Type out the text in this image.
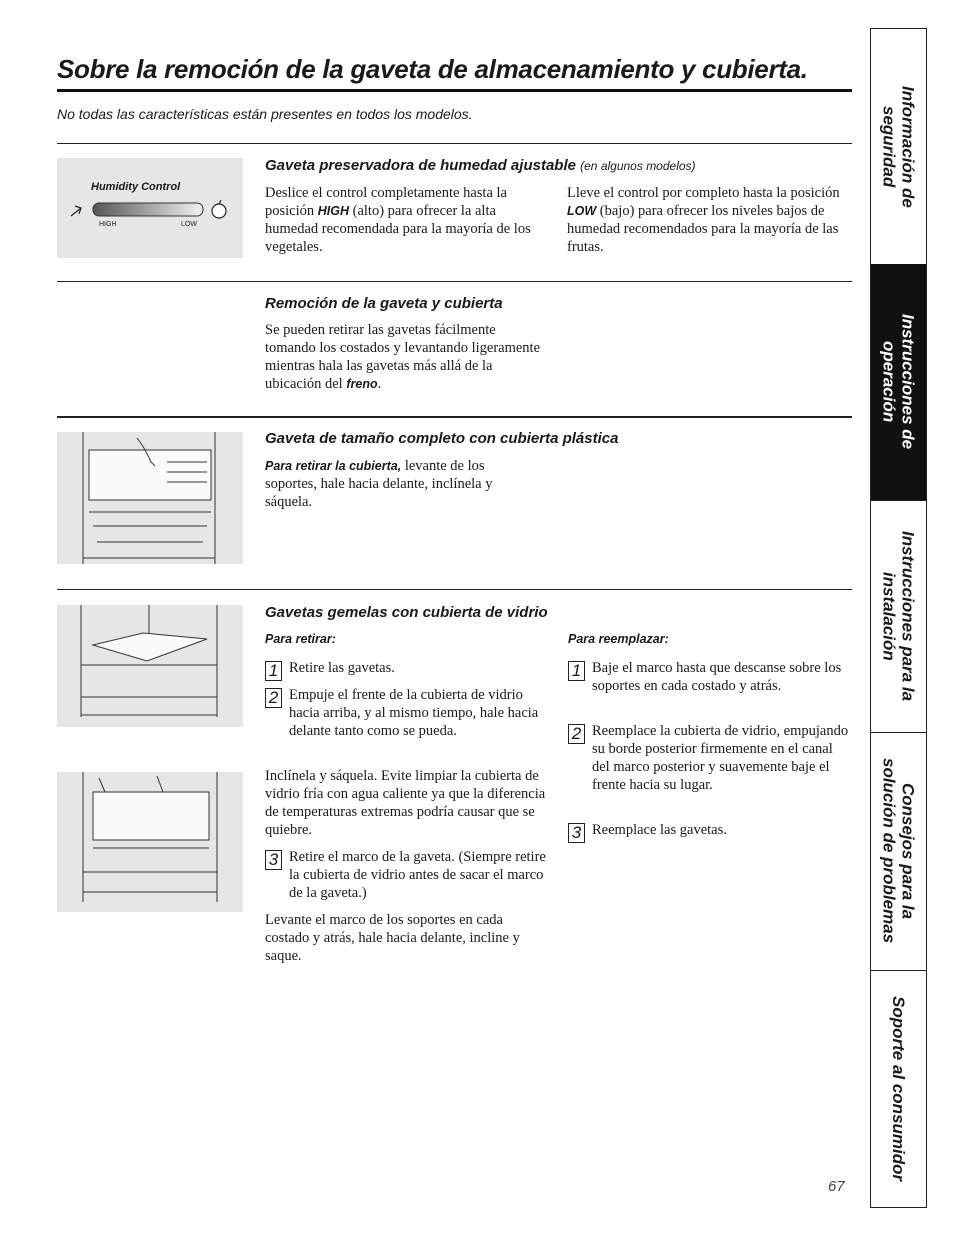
Sobre la remoción de la gaveta de almacenamiento y cubierta.
No todas las características están presentes en todos los modelos.
Humidity Control
HIGH	LOW
Gaveta preservadora de humedad ajustable (en algunos modelos)
Deslice el control completamente hasta la posición HIGH (alto) para ofrecer la alta humedad recomendada para la mayoría de los vegetales.
Lleve el control por completo hasta la posición LOW (bajo) para ofrecer los niveles bajos de humedad recomendados para la mayoría de las frutas.
Remoción de la gaveta y cubierta
Se pueden retirar las gavetas fácilmente tomando los costados y levantando ligeramente mientras hala las gavetas más allá de la ubicación del freno.
Gaveta de tamaño completo con cubierta plástica
Para retirar la cubierta, levante de los soportes, hale hacia delante, inclínela y sáquela.
Gavetas gemelas con cubierta de vidrio
Para retirar:	Para reemplazar:
1 Retire las gavetas.
2 Empuje el frente de la cubierta de vidrio hacia arriba, y al mismo tiempo, hale hacia delante tanto como se pueda.
Inclínela y sáquela. Evite limpiar la cubierta de vidrio fría con agua caliente ya que la diferencia de temperaturas extremas podría causar que se quiebre.
3 Retire el marco de la gaveta. (Siempre retire la cubierta de vidrio antes de sacar el marco de la gaveta.)
Levante el marco de los soportes en cada costado y atrás, hale hacia delante, incline y saque.
1 Baje el marco hasta que descanse sobre los soportes en cada costado y atrás.
2 Reemplace la cubierta de vidrio, empujando su borde posterior firmemente en el canal del marco posterior y suavemente baje el frente hacia su lugar.
3 Reemplace las gavetas.
67
Información de
seguridad
Instrucciones de
operación
Instrucciones para la
instalación
Consejos para la
solución de problemas
Soporte al consumidor
